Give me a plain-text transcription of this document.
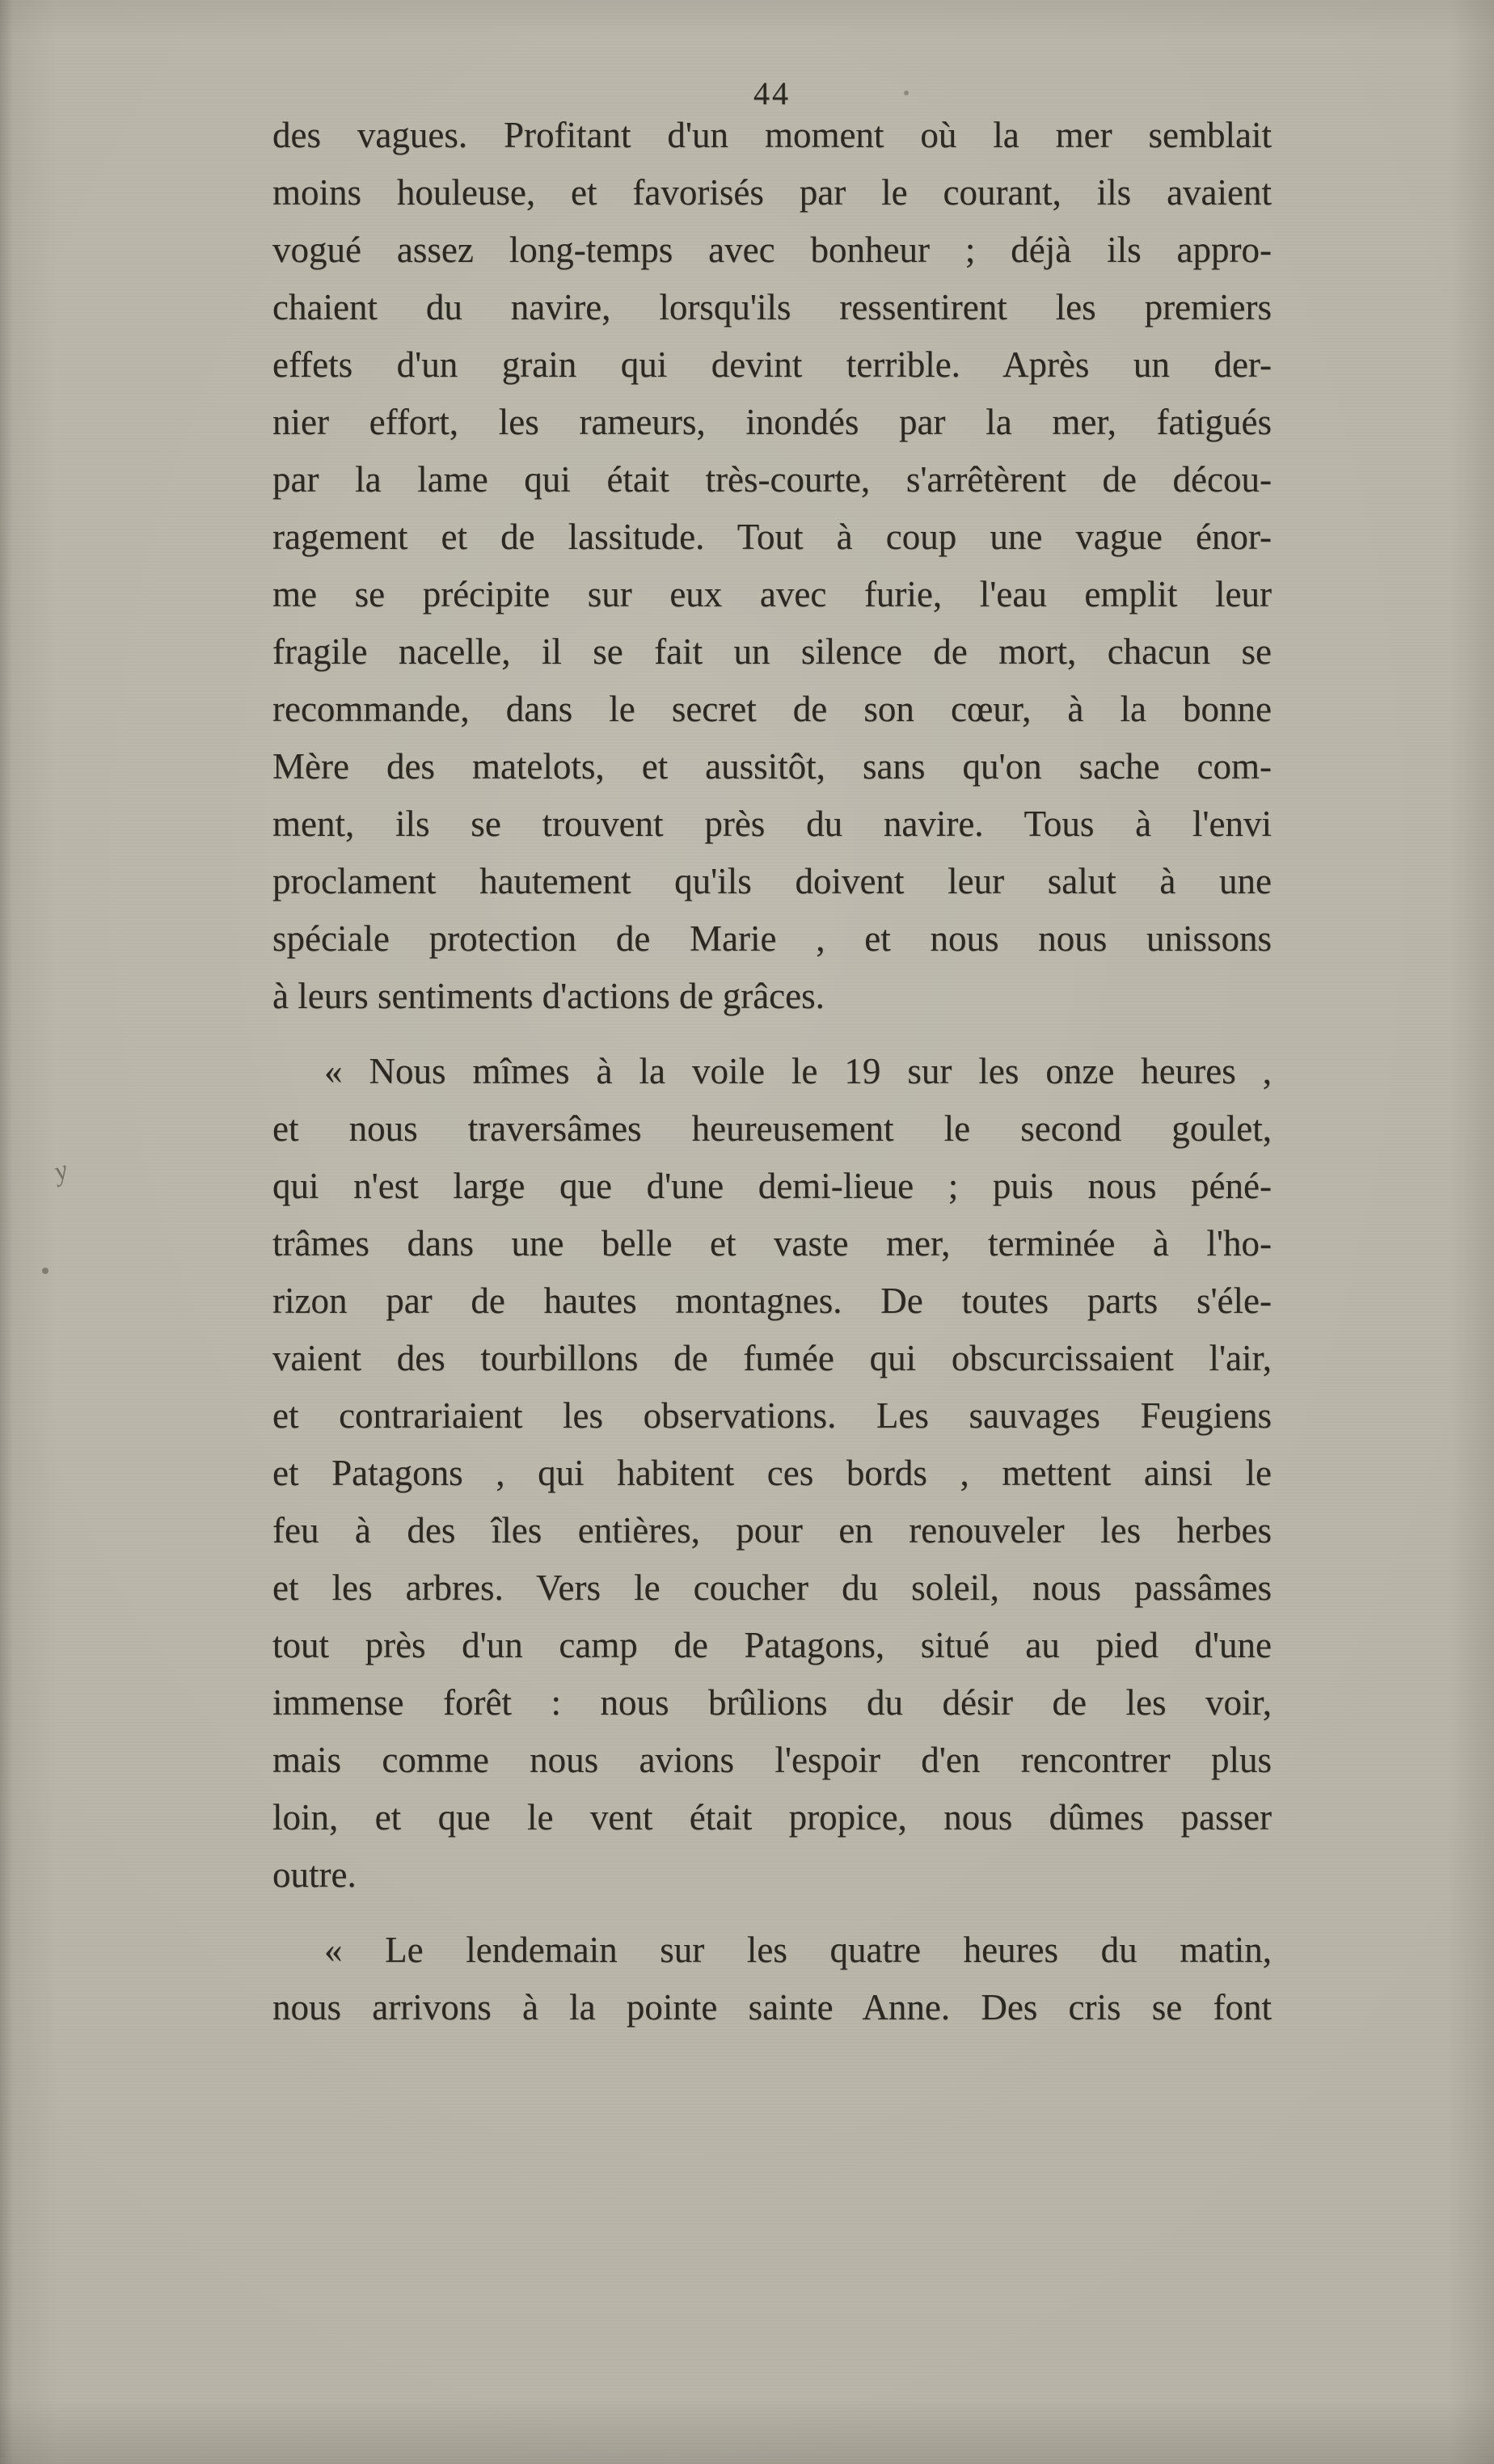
44
des vagues. Profitant d'un moment où la mer semblait
moins houleuse, et favorisés par le courant, ils avaient
vogué assez long-temps avec bonheur ; déjà ils appro-
chaient du navire, lorsqu'ils ressentirent les premiers
effets d'un grain qui devint terrible. Après un der-
nier effort, les rameurs, inondés par la mer, fatigués
par la lame qui était très-courte, s'arrêtèrent de décou-
ragement et de lassitude. Tout à coup une vague énor-
me se précipite sur eux avec furie, l'eau emplit leur
fragile nacelle, il se fait un silence de mort, chacun se
recommande, dans le secret de son cœur, à la bonne
Mère des matelots, et aussitôt, sans qu'on sache com-
ment, ils se trouvent près du navire. Tous à l'envi
proclament hautement qu'ils doivent leur salut à une
spéciale protection de Marie , et nous nous unissons
à leurs sentiments d'actions de grâces.
« Nous mîmes à la voile le 19 sur les onze heures ,
et nous traversâmes heureusement le second goulet,
qui n'est large que d'une demi-lieue ; puis nous péné-
trâmes dans une belle et vaste mer, terminée à l'ho-
rizon par de hautes montagnes. De toutes parts s'éle-
vaient des tourbillons de fumée qui obscurcissaient l'air,
et contrariaient les observations. Les sauvages Feugiens
et Patagons , qui habitent ces bords , mettent ainsi le
feu à des îles entières, pour en renouveler les herbes
et les arbres. Vers le coucher du soleil, nous passâmes
tout près d'un camp de Patagons, situé au pied d'une
immense forêt : nous brûlions du désir de les voir,
mais comme nous avions l'espoir d'en rencontrer plus
loin, et que le vent était propice, nous dûmes passer
outre.
« Le lendemain sur les quatre heures du matin,
nous arrivons à la pointe sainte Anne. Des cris se font
y
